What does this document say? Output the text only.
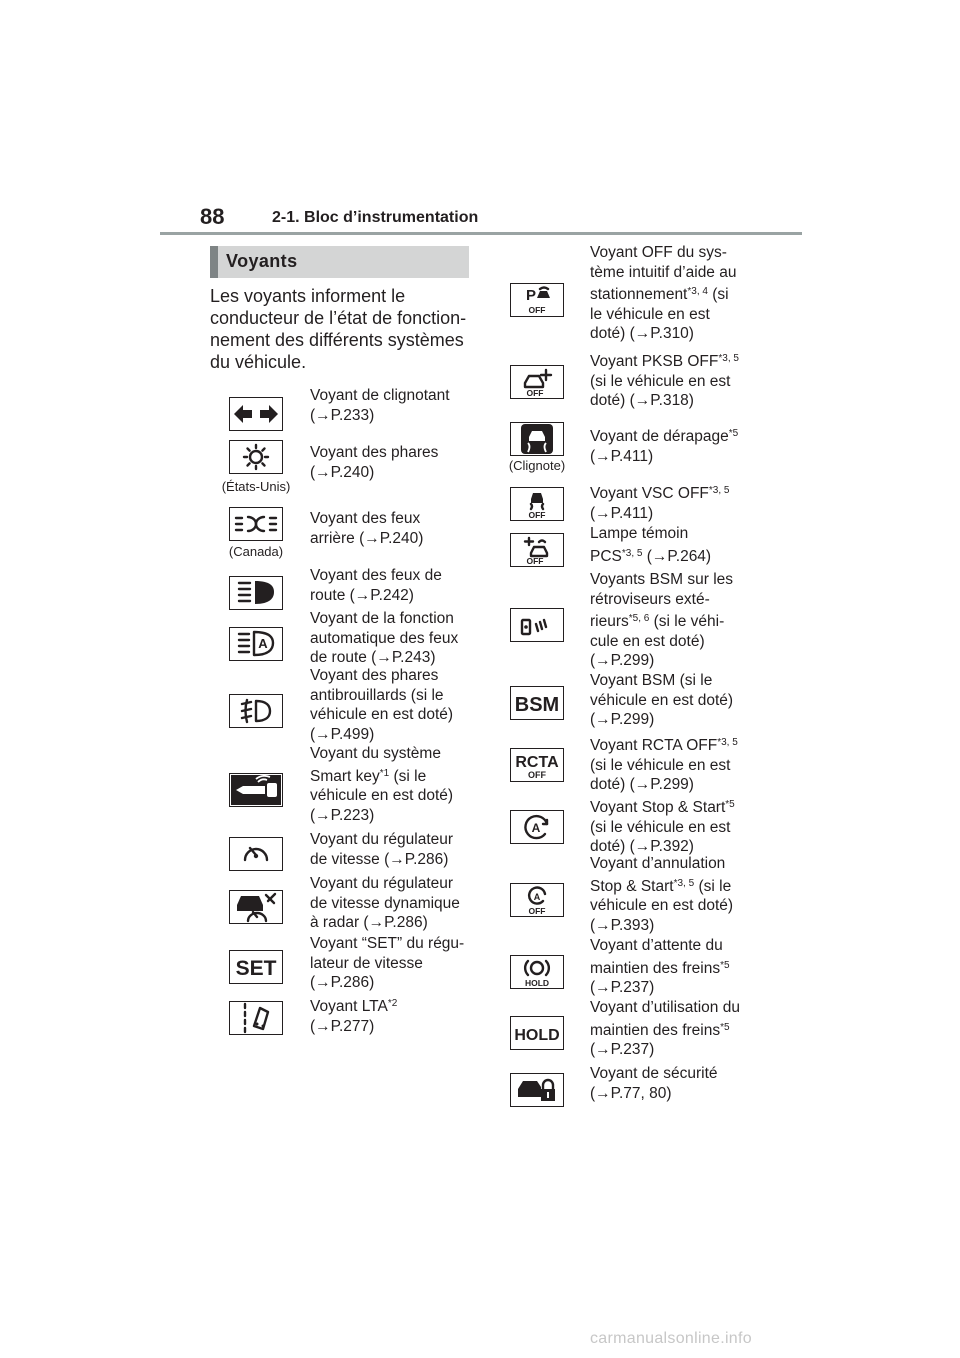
88	2-1. Bloc d’instrumentation
Voyants
Les voyants informent le
conducteur de l’état de fonction-
nement des différents systèmes
du véhicule.
Voyant de clignotant
(→P.233)
(États-Unis)
Voyant des phares
(→P.240)
(Canada)
Voyant des feux
arrière (→P.240)
Voyant des feux de
route (→P.242)
A
Voyant de la fonction
automatique des feux
de route (→P.243)
Voyant des phares
antibrouillards (si le
véhicule en est doté)
(→P.499)
Voyant du système
Smart key$^{*1}$ (si le
véhicule en est doté)
(→P.223)
Voyant du régulateur
de vitesse (→P.286)
Voyant du régulateur
de vitesse dynamique
à radar (→P.286)
SET
Voyant “SET” du régu-
lateur de vitesse
(→P.286)
Voyant LTA$^{*2}$
(→P.277)
P
OFF
Voyant OFF du sys-
tème intuitif d’aide au
stationnement$^{*3, 4}$ (si
le véhicule en est
doté) (→P.310)
OFF
Voyant PKSB OFF$^{*3, 5}$
(si le véhicule en est
doté) (→P.318)
(Clignote)
Voyant de dérapage$^{*5}$
(→P.411)
OFF
Voyant VSC OFF$^{*3, 5}$
(→P.411)
OFF
Lampe témoin
PCS$^{*3, 5}$ (→P.264)
Voyants BSM sur les
rétroviseurs exté-
rieurs$^{*5, 6}$ (si le véhi-
cule en est doté)
(→P.299)
BSM
Voyant BSM (si le
véhicule en est doté)
(→P.299)
RCTA
OFF
Voyant RCTA OFF$^{*3, 5}$
(si le véhicule en est
doté) (→P.299)
A
Voyant Stop & Start$^{*5}$
(si le véhicule en est
doté) (→P.392)
A
OFF
Voyant d’annulation
Stop & Start$^{*3, 5}$ (si le
véhicule en est doté)
(→P.393)
HOLD
Voyant d’attente du
maintien des freins$^{*5}$
(→P.237)
HOLD
Voyant d’utilisation du
maintien des freins$^{*5}$
(→P.237)
Voyant de sécurité
(→P.77, 80)
carmanualsonline.info
